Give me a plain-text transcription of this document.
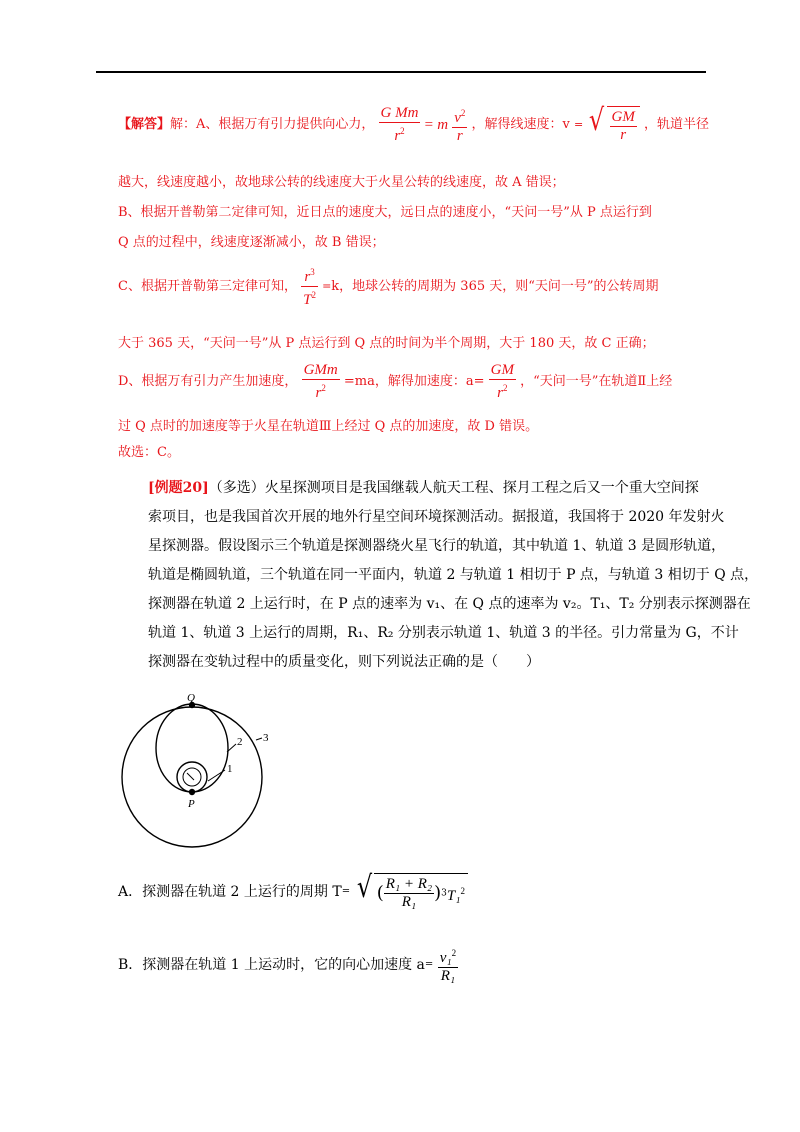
【解答】解：A、根据万有引力提供向心力， $\frac{\text{G Mm}}{r^2} = m \frac{v^2}{r}$ ，解得线速度：v = √ $\frac{GM}{r}$ ，轨道半径
越大，线速度越小，故地球公转的线速度大于火星公转的线速度，故 A 错误；
B、根据开普勒第二定律可知，近日点的速度大，远日点的速度小，“天问一号”从 P 点运行到
Q 点的过程中，线速度逐渐减小，故 B 错误；
C、根据开普勒第三定律可知， $\frac{r^3}{T^2} =k$，地球公转的周期为 365 天，则“天问一号”的公转周期
大于 365 天，“天问一号”从 P 点运行到 Q 点的时间为半个周期，大于 180 天，故 C 正确；
D、根据万有引力产生加速度， $\frac{\text{GMm}}{r^2} =ma$，解得加速度：$a= \frac{GM}{r^2}$ ，“天问一号”在轨道Ⅱ上经
过 Q 点时的加速度等于火星在轨道Ⅲ上经过 Q 点的加速度，故 D 错误。
故选：C。
[例题20]（多选）火星探测项目是我国继载人航天工程、探月工程之后又一个重大空间探
索项目，也是我国首次开展的地外行星空间环境探测活动。据报道，我国将于 2020 年发射火
星探测器。假设图示三个轨道是探测器绕火星飞行的轨道，其中轨道 1、轨道 3 是圆形轨道，
轨道是椭圆轨道，三个轨道在同一平面内，轨道 2 与轨道 1 相切于 P 点，与轨道 3 相切于 Q 点，
探测器在轨道 2 上运行时，在 P 点的速率为 v₁、在 Q 点的速率为 v₂。T₁、T₂ 分别表示探测器在
轨道 1、轨道 3 上运行的周期，R₁、R₂ 分别表示轨道 1、轨道 3 的半径。引力常量为 G，不计
探测器在变轨过程中的质量变化，则下列说法正确的是（　　）
Q
P
2 3
1
A．探测器在轨道 2 上运行的周期 T= √ ( $\frac{\text{R₁ + R₂}}{\text{R₁}} )3T_1^2$
B．探测器在轨道 1 上运动时，它的向心加速度 $a= \frac{v_1^2}{\text{R₁}}$
